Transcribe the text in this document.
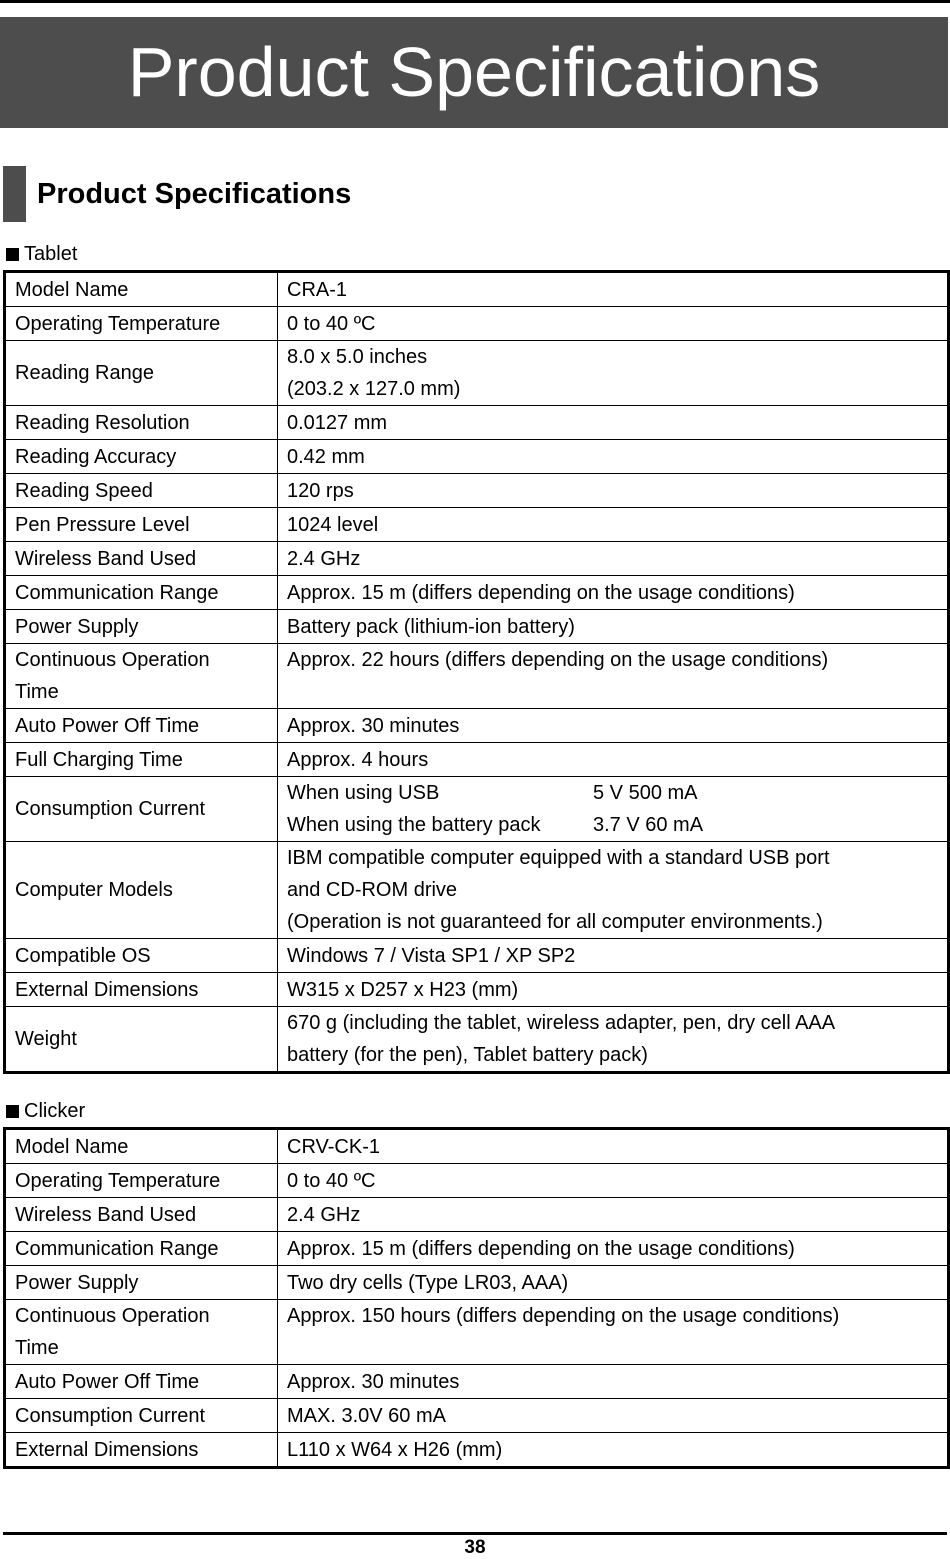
Product Specifications
Product Specifications
Tablet
Model Name	CRA-1

Operating Temperature	0 to 40 ºC

Reading Range	8.0 x 5.0 inches
(203.2 x 127.0 mm)

Reading Resolution	0.0127 mm

Reading Accuracy	0.42 mm

Reading Speed	120 rps

Pen Pressure Level	1024 level

Wireless Band Used	2.4 GHz

Communication Range	Approx. 15 m (differs depending on the usage conditions)

Power Supply	Battery pack (lithium-ion battery)

Continuous Operation
Time	Approx. 22 hours (differs depending on the usage conditions)

Auto Power Off Time	Approx. 30 minutes

Full Charging Time	Approx. 4 hours

Consumption Current	When using USB 5 V 500 mA
When using the battery pack 3.7 V 60 mA

Computer Models	IBM compatible computer equipped with a standard USB port
and CD-ROM drive
(Operation is not guaranteed for all computer environments.)

Compatible OS	Windows 7 / Vista SP1 / XP SP2

External Dimensions	W315 x D257 x H23 (mm)

Weight	670 g (including the tablet, wireless adapter, pen, dry cell AAA
battery (for the pen), Tablet battery pack)
Clicker
Model Name	CRV-CK-1

Operating Temperature	0 to 40 ºC

Wireless Band Used	2.4 GHz

Communication Range	Approx. 15 m (differs depending on the usage conditions)

Power Supply	Two dry cells (Type LR03, AAA)

Continuous Operation
Time	Approx. 150 hours (differs depending on the usage conditions)

Auto Power Off Time	Approx. 30 minutes

Consumption Current	MAX. 3.0V 60 mA

External Dimensions	L110 x W64 x H26 (mm)
38
